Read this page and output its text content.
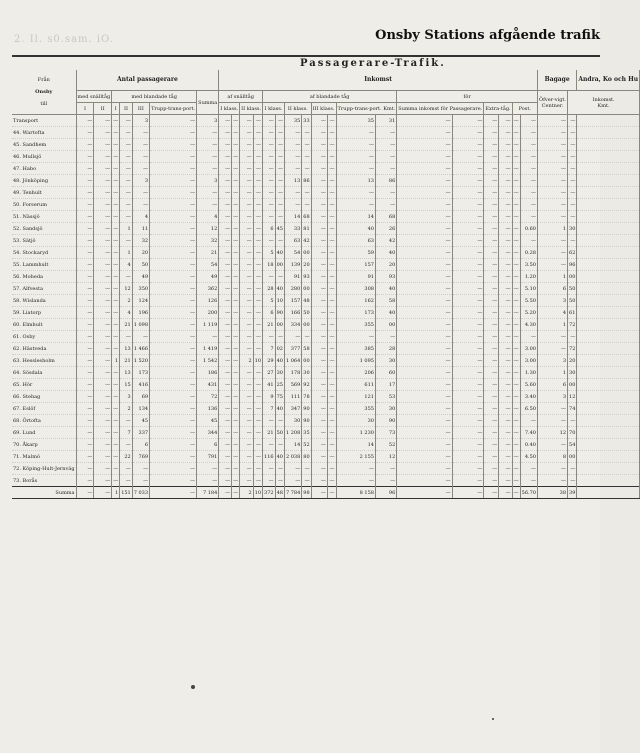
2. Il. s0.sam. iO.	Onsby Stations afgående trafik
Passagerare-Trafik.
Från

Onsby

till	Antal passagerare							Inkomst																		Bagage		Andra, Ko och Hu
	med snälltåg		med blandade tåg				Summa	af snälltåg				af blandade tåg								för						Öfver-vigt.
Centner.	Inkomst.
Kmt.	
	I	II	I	II	III	Trupp-trans-port.		I klass.		II klass.		I klass.		II klass.		III klass.		Trupp-trans-port. Kmt.		Summa inkomst för Passagerare.		Extra-tåg.		Post.				
Transport	—	—	—	—	3	—	3	—	—	—	—	—	—	35	33	—	—	35	31	—	—	—	—	—	—	—	—	
44. Wartofta	—	—	—	—	—	—	—	—	—	—	—	—	—	—	—	—	—	—	—	—	—	—	—	—	—	—	—	
45. Sandhem	—	—	—	—	—	—	—	—	—	—	—	—	—	—	—	—	—	—	—	—	—	—	—	—	—	—	—	
46. Mullsjö	—	—	—	—	—	—	—	—	—	—	—	—	—	—	—	—	—	—	—	—	—	—	—	—	—	—	—	
47. Habo	—	—	—	—	—	—	—	—	—	—	—	—	—	—	—	—	—	—	—	—	—	—	—	—	—	—	—	
48. Jönköping	—	—	—	—	3	—	3	—	—	—	—	—	—	13	86	—	—	13	86	—	—	—	—	—	—	—	—	
49. Tenhult	—	—	—	—	—	—	—	—	—	—	—	—	—	—	—	—	—	—	—	—	—	—	—	—	—	—	—	
50. Forserum	—	—	—	—	—	—	—	—	—	—	—	—	—	—	—	—	—	—	—	—	—	—	—	—	—	—	—	
51. Nässjö	—	—	—	—	4	—	4	—	—	—	—	—	—	14	68	—	—	14	68	—	—	—	—	—	—	—	—	
52. Sandsjö	—	—	—	1	11	—	12	—	—	—	—	6	45	33	81	—	—	40	26	—	—	—	—	—	0.60	1	30	
53. Sätjö	—	—	—	—	32	—	32	—	—	—	—	—	—	63	42	—	—	63	42	—	—	—	—	—	—	—	—	
54. Stockaryd	—	—	—	1	20	—	21	—	—	—	—	5	40	54	00	—	—	59	40	—	—	—	—	—	0.28	—	62	
55. Lammhult	—	—	—	4	50	—	54	—	—	—	—	18	00	139	20	—	—	157	20	—	—	—	—	—	3.50	—	96	
56. Moheda	—	—	—	—	49	—	49	—	—	—	—	—	—	91	93	—	—	91	93	—	—	—	—	—	1.20	1	00	
57. Alfvesta	—	—	—	12	350	—	362	—	—	—	—	28	40	280	00	—	—	308	40	—	—	—	—	—	5.10	6	50	
58. Wislanda	—	—	—	2	124	—	126	—	—	—	—	5	10	157	48	—	—	162	58	—	—	—	—	—	5.50	3	50	
59. Liatorp	—	—	—	4	196	—	200	—	—	—	—	6	90	166	50	—	—	173	40	—	—	—	—	—	5.20	4	61	
60. Elmhult	—	—	—	21	1 098	—	1 119	—	—	—	—	21	00	334	00	—	—	355	00	—	—	—	—	—	4.30	1	72	
61. Osby	—	—	—	—	—	—	—	—	—	—	—	—	—	—	—	—	—	—	—	—	—	—	—	—	—	—	—	
62. Hästveda	—	—	—	13	1 466	—	1 419	—	—	—	—	7	02	377	58	—	—	385	28	—	—	—	—	—	3.00	—	72	
63. Hesslesholm	—	—	1	21	1 520	—	1 542	—	—	2	10	29	40	1 064	00	—	—	1 095	30	—	—	—	—	—	3.00	3	20	
64. Sösdala	—	—	—	13	173	—	186	—	—	—	—	27	30	178	30	—	—	206	60	—	—	—	—	—	1.30	1	30	
65. Hör	—	—	—	15	416	—	431	—	—	—	—	41	25	569	92	—	—	611	17	—	—	—	—	—	5.60	6	00	
66. Stehag	—	—	—	3	69	—	72	—	—	—	—	9	75	111	78	—	—	121	53	—	—	—	—	—	3.40	3	12	
67. Eslöf	—	—	—	2	134	—	136	—	—	—	—	7	40	347	90	—	—	355	30	—	—	—	—	—	6.50	—	74	
68. Örtofta	—	—	—	—	45	—	45	—	—	—	—	—	—	30	90	—	—	30	90	—	—	—	—	—	—	—	—	
69. Lund	—	—	—	7	337	—	344	—	—	—	—	21	50	1 208	35	—	—	1 230	73	—	—	—	—	—	7.40	12	70	
70. Åkarp	—	—	—	—	6	—	6	—	—	—	—	—	—	14	52	—	—	14	52	—	—	—	—	—	0.40	—	54	
71. Malmö	—	—	—	22	769	—	791	—	—	—	—	116	40	2 038	80	—	—	2 155	12	—	—	—	—	—	4.50	8	00	
72. Köping-Hult-Jernväg	—	—	—	—	—	—	—	—	—	—	—	—	—	—	—	—	—	—	—	—	—	—	—	—	—	—	—	
73. Borås	—	—	—	—	—	—	—	—	—	—	—	—	—	—	—	—	—	—	—	—	—	—	—	—	—	—	—	
Summa	—	—	1	151	7 033	—	7 184	—	—	2	10	372	48	7 784	98	—	—	8 158	96	—	—	—	—	—	56.70	38	39	
